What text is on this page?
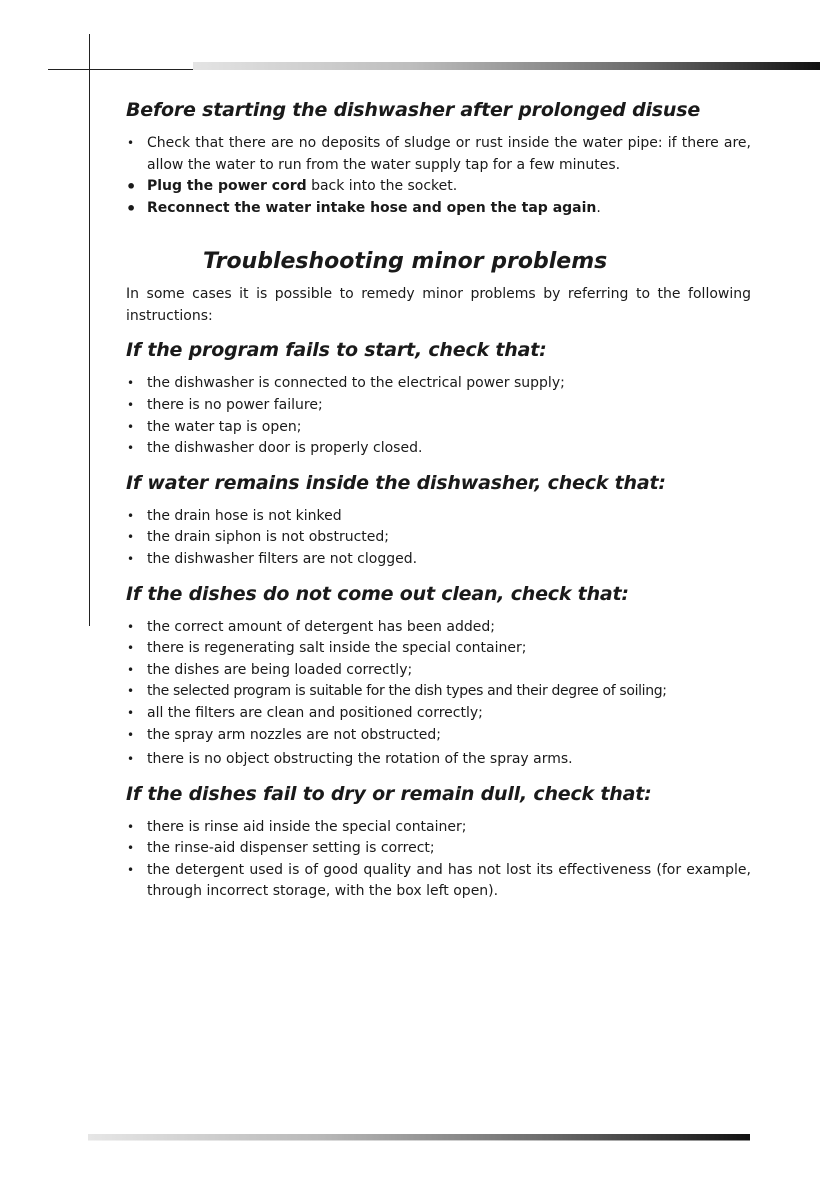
Before starting the dishwasher after prolonged disuse
• Check that there are no deposits of sludge or rust inside the water pipe: if there are, allow the water to run from the water supply tap for a few minutes.
• Plug the power cord back into the socket.
• Reconnect the water intake hose and open the tap again.
Troubleshooting minor problems

In some cases it is possible to remedy minor problems by referring to the following instructions:

If the program fails to start, check that:
• the dishwasher is connected to the electrical power supply;
• there is no power failure;
• the water tap is open;
• the dishwasher door is properly closed.
If water remains inside the dishwasher, check that:
• the drain hose is not kinked
• the drain siphon is not obstructed;
• the dishwasher filters are not clogged.
If the dishes do not come out clean, check that:
• the correct amount of detergent has been added;
• there is regenerating salt inside the special container;
• the dishes are being loaded correctly;
• the selected program is suitable for the dish types and their degree of soiling;
• all the filters are clean and positioned correctly;
• the spray arm nozzles are not obstructed;
• there is no object obstructing the rotation of the spray arms.
If the dishes fail to dry or remain dull, check that:
• there is rinse aid inside the special container;
• the rinse-aid dispenser setting is correct;
• the detergent used is of good quality and has not lost its effectiveness (for example, through incorrect storage, with the box left open).
